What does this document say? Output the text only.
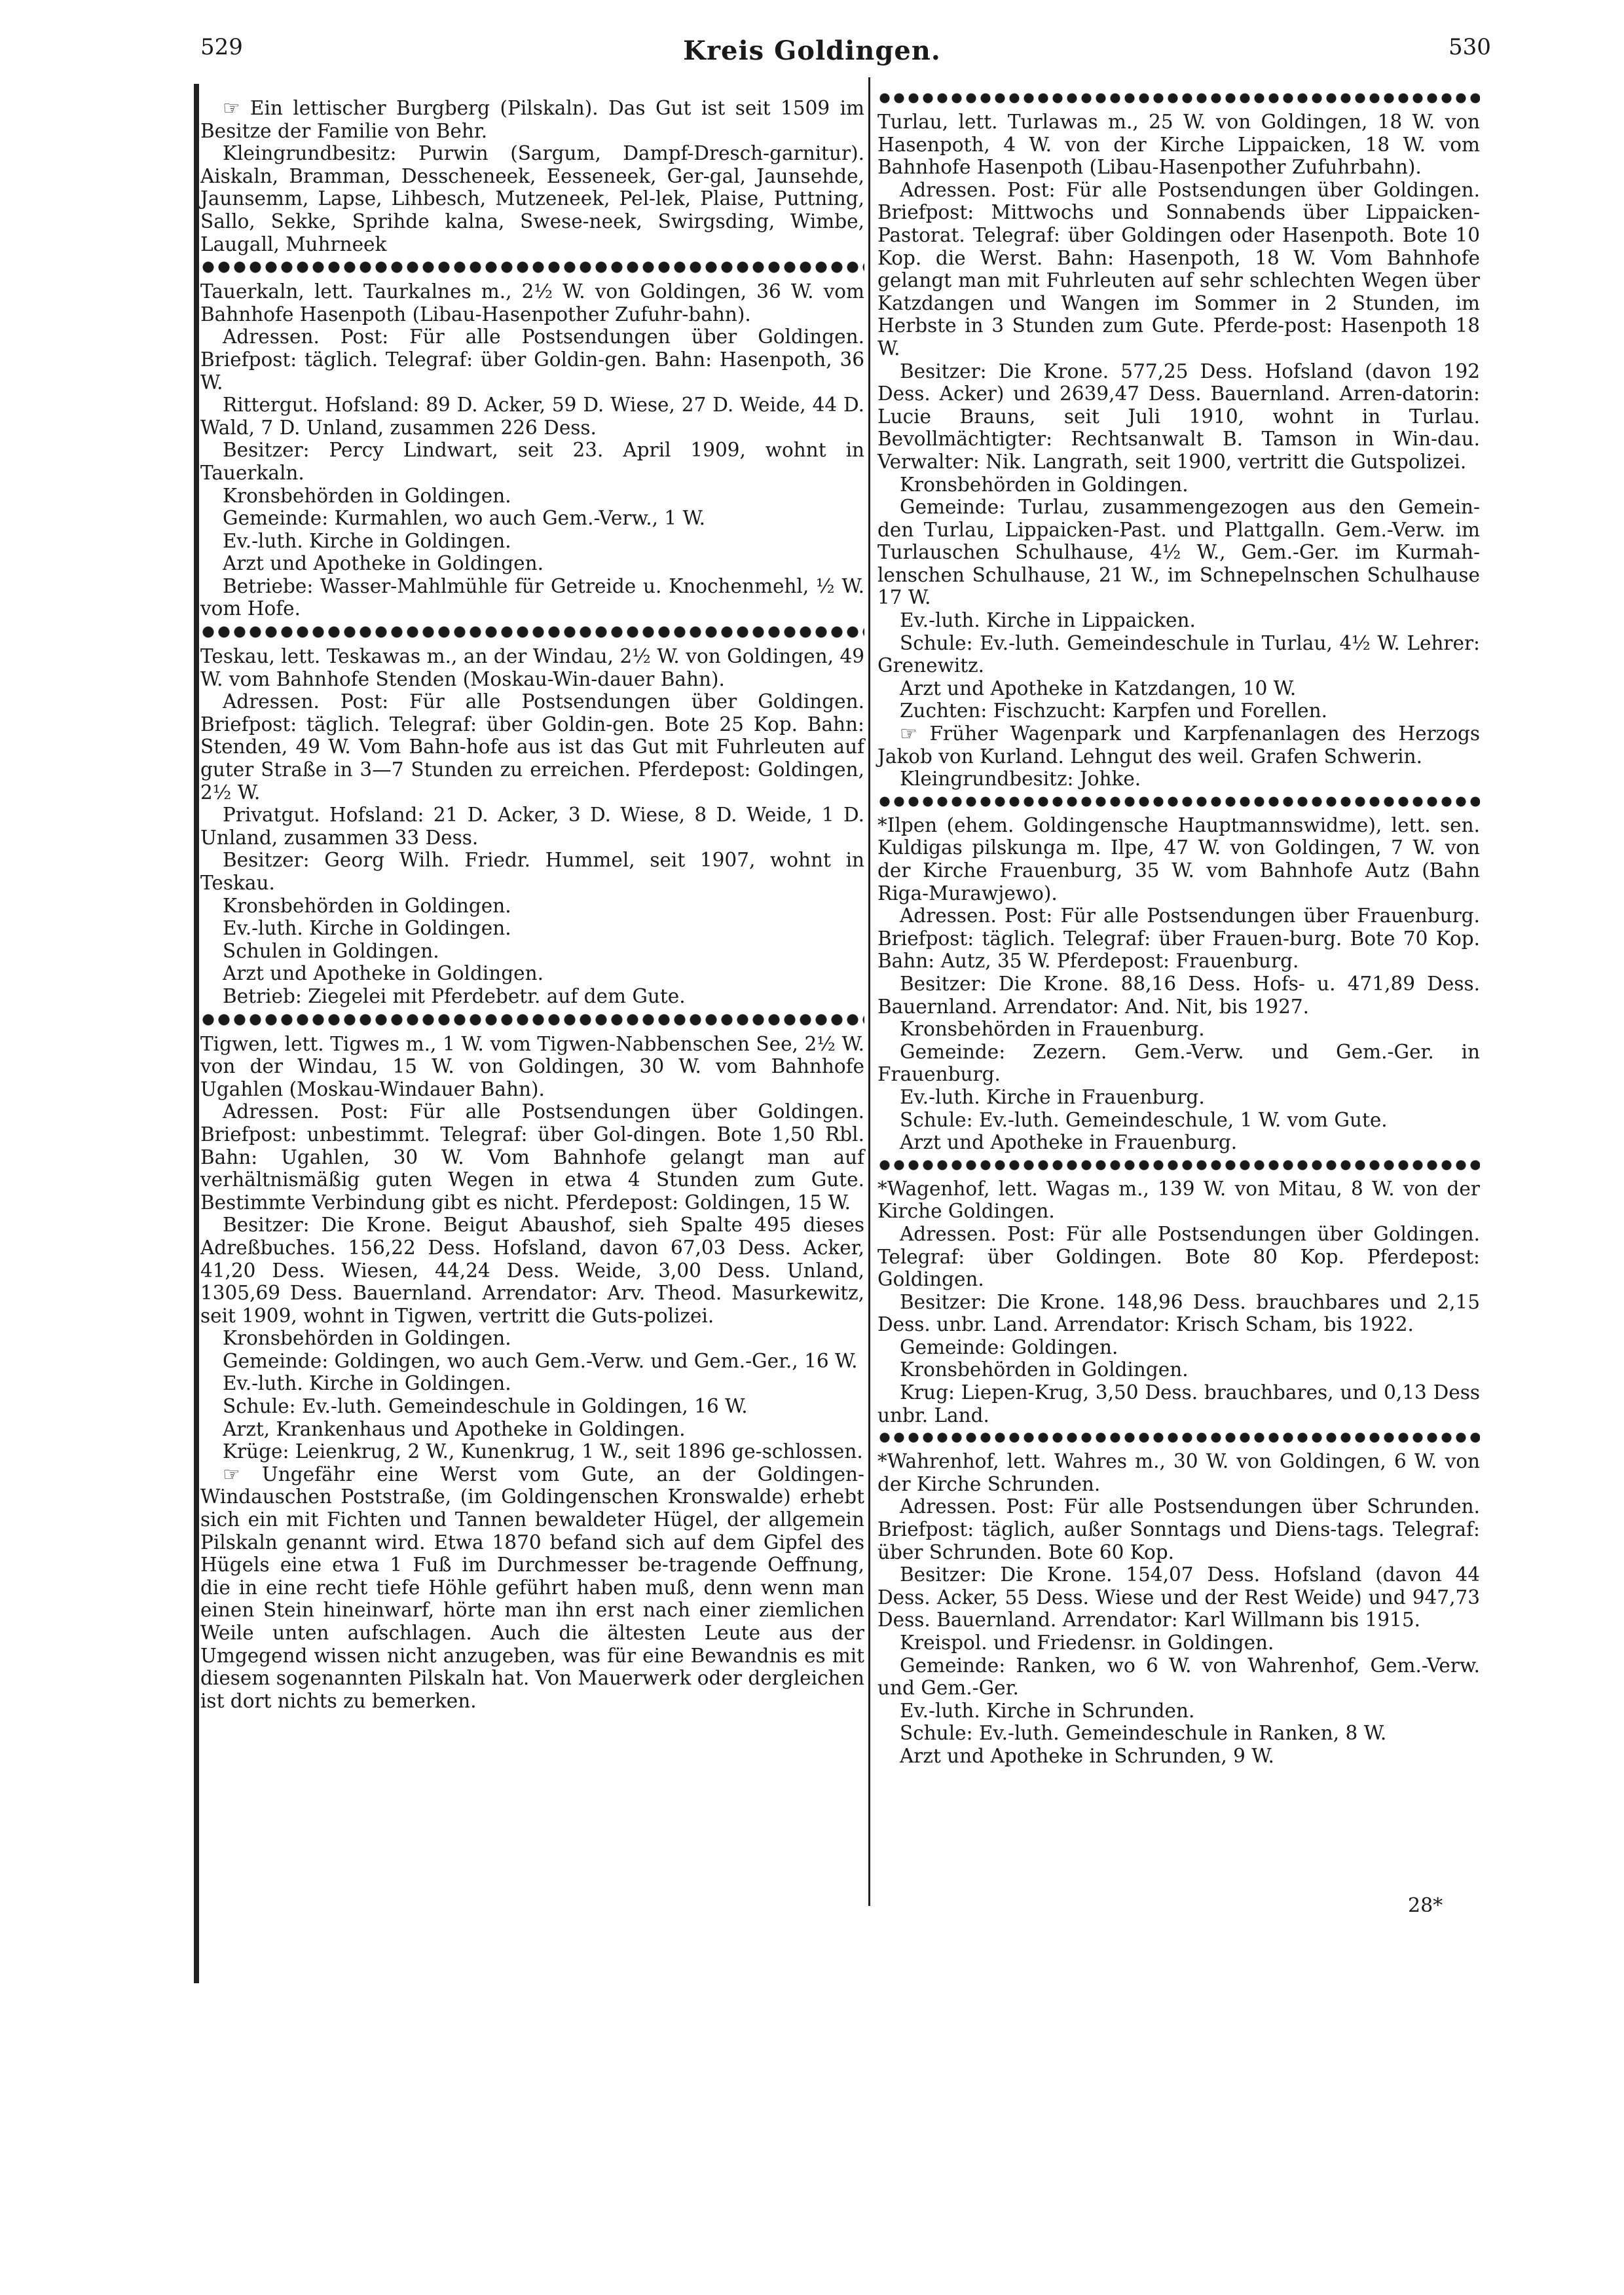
529	Kreis Goldingen.	530

☞ Ein lettischer Burgberg (Pilskaln). Das Gut ist seit 1509 im Besitze der Familie von Behr.

Kleingrundbesitz: Purwin (Sargum, Dampf-Dresch-garnitur). Aiskaln, Bramman, Desscheneek, Eesseneek, Ger-gal, Jaunsehde, Jaunsemm, Lapse, Lihbesch, Mutzeneek, Pel-lek, Plaise, Puttning, Sallo, Sekke, Sprihde kalna, Swese-neek, Swirgsding, Wimbe, Laugall, Muhrneek

Tauerkaln, lett. Taurkalnes m., 2½ W. von Goldingen, 36 W. vom Bahnhofe Hasenpoth (Libau-Hasenpother Zufuhr-bahn).

Adressen. Post: Für alle Postsendungen über Goldingen. Briefpost: täglich. Telegraf: über Goldin-gen. Bahn: Hasenpoth, 36 W.

Rittergut. Hofsland: 89 D. Acker, 59 D. Wiese, 27 D. Weide, 44 D. Wald, 7 D. Unland, zusammen 226 Dess.

Besitzer: Percy Lindwart, seit 23. April 1909, wohnt in Tauerkaln.

Kronsbehörden in Goldingen.

Gemeinde: Kurmahlen, wo auch Gem.-Verw., 1 W.

Ev.-luth. Kirche in Goldingen.

Arzt und Apotheke in Goldingen.

Betriebe: Wasser-Mahlmühle für Getreide u. Knochenmehl, ½ W. vom Hofe.

Teskau, lett. Teskawas m., an der Windau, 2½ W. von Goldingen, 49 W. vom Bahnhofe Stenden (Moskau-Win-dauer Bahn).

Adressen. Post: Für alle Postsendungen über Goldingen. Briefpost: täglich. Telegraf: über Goldin-gen. Bote 25 Kop. Bahn: Stenden, 49 W. Vom Bahn-hofe aus ist das Gut mit Fuhrleuten auf guter Straße in 3—7 Stunden zu erreichen. Pferdepost: Goldingen, 2½ W.

Privatgut. Hofsland: 21 D. Acker, 3 D. Wiese, 8 D. Weide, 1 D. Unland, zusammen 33 Dess.

Besitzer: Georg Wilh. Friedr. Hummel, seit 1907, wohnt in Teskau.

Kronsbehörden in Goldingen.

Ev.-luth. Kirche in Goldingen.

Schulen in Goldingen.

Arzt und Apotheke in Goldingen.

Betrieb: Ziegelei mit Pferdebetr. auf dem Gute.

Tigwen, lett. Tigwes m., 1 W. vom Tigwen-Nabbenschen See, 2½ W. von der Windau, 15 W. von Goldingen, 30 W. vom Bahnhofe Ugahlen (Moskau-Windauer Bahn).

Adressen. Post: Für alle Postsendungen über Goldingen. Briefpost: unbestimmt. Telegraf: über Gol-dingen. Bote 1,50 Rbl. Bahn: Ugahlen, 30 W. Vom Bahnhofe gelangt man auf verhältnismäßig guten Wegen in etwa 4 Stunden zum Gute. Bestimmte Verbindung gibt es nicht. Pferdepost: Goldingen, 15 W.

Besitzer: Die Krone. Beigut Abaushof, sieh Spalte 495 dieses Adreßbuches. 156,22 Dess. Hofsland, davon 67,03 Dess. Acker, 41,20 Dess. Wiesen, 44,24 Dess. Weide, 3,00 Dess. Unland, 1305,69 Dess. Bauernland. Arrendator: Arv. Theod. Masurkewitz, seit 1909, wohnt in Tigwen, vertritt die Guts-polizei.

Kronsbehörden in Goldingen.

Gemeinde: Goldingen, wo auch Gem.-Verw. und Gem.-Ger., 16 W.

Ev.-luth. Kirche in Goldingen.

Schule: Ev.-luth. Gemeindeschule in Goldingen, 16 W.

Arzt, Krankenhaus und Apotheke in Goldingen.

Krüge: Leienkrug, 2 W., Kunenkrug, 1 W., seit 1896 ge-schlossen.

☞ Ungefähr eine Werst vom Gute, an der Goldingen-Windauschen Poststraße, (im Goldingenschen Kronswalde) erhebt sich ein mit Fichten und Tannen bewaldeter Hügel, der allgemein Pilskaln genannt wird. Etwa 1870 befand sich auf dem Gipfel des Hügels eine etwa 1 Fuß im Durchmesser be-tragende Oeffnung, die in eine recht tiefe Höhle geführt haben muß, denn wenn man einen Stein hineinwarf, hörte man ihn erst nach einer ziemlichen Weile unten aufschlagen. Auch die ältesten Leute aus der Umgegend wissen nicht anzugeben, was für eine Bewandnis es mit diesem sogenannten Pilskaln hat. Von Mauerwerk oder dergleichen ist dort nichts zu bemerken.

Turlau, lett. Turlawas m., 25 W. von Goldingen, 18 W. von Hasenpoth, 4 W. von der Kirche Lippaicken, 18 W. vom Bahnhofe Hasenpoth (Libau-Hasenpother Zufuhrbahn).

Adressen. Post: Für alle Postsendungen über Goldingen. Briefpost: Mittwochs und Sonnabends über Lippaicken-Pastorat. Telegraf: über Goldingen oder Hasenpoth. Bote 10 Kop. die Werst. Bahn: Hasenpoth, 18 W. Vom Bahnhofe gelangt man mit Fuhrleuten auf sehr schlechten Wegen über Katzdangen und Wangen im Sommer in 2 Stunden, im Herbste in 3 Stunden zum Gute. Pferde-post: Hasenpoth 18 W.

Besitzer: Die Krone. 577,25 Dess. Hofsland (davon 192 Dess. Acker) und 2639,47 Dess. Bauernland. Arren-datorin: Lucie Brauns, seit Juli 1910, wohnt in Turlau. Bevollmächtigter: Rechtsanwalt B. Tamson in Win-dau. Verwalter: Nik. Langrath, seit 1900, vertritt die Gutspolizei.

Kronsbehörden in Goldingen.

Gemeinde: Turlau, zusammengezogen aus den Gemein-den Turlau, Lippaicken-Past. und Plattgalln. Gem.-Verw. im Turlauschen Schulhause, 4½ W., Gem.-Ger. im Kurmah-lenschen Schulhause, 21 W., im Schnepelnschen Schulhause 17 W.

Ev.-luth. Kirche in Lippaicken.

Schule: Ev.-luth. Gemeindeschule in Turlau, 4½ W. Lehrer: Grenewitz.

Arzt und Apotheke in Katzdangen, 10 W.

Zuchten: Fischzucht: Karpfen und Forellen.

☞ Früher Wagenpark und Karpfenanlagen des Herzogs Jakob von Kurland. Lehngut des weil. Grafen Schwerin.

Kleingrundbesitz: Johke.

*Ilpen (ehem. Goldingensche Hauptmannswidme), lett. sen. Kuldigas pilskunga m. Ilpe, 47 W. von Goldingen, 7 W. von der Kirche Frauenburg, 35 W. vom Bahnhofe Autz (Bahn Riga-Murawjewo).

Adressen. Post: Für alle Postsendungen über Frauenburg. Briefpost: täglich. Telegraf: über Frauen-burg. Bote 70 Kop. Bahn: Autz, 35 W. Pferdepost: Frauenburg.

Besitzer: Die Krone. 88,16 Dess. Hofs- u. 471,89 Dess. Bauernland. Arrendator: And. Nit, bis 1927.

Kronsbehörden in Frauenburg.

Gemeinde: Zezern. Gem.-Verw. und Gem.-Ger. in Frauenburg.

Ev.-luth. Kirche in Frauenburg.

Schule: Ev.-luth. Gemeindeschule, 1 W. vom Gute.

Arzt und Apotheke in Frauenburg.

*Wagenhof, lett. Wagas m., 139 W. von Mitau, 8 W. von der Kirche Goldingen.

Adressen. Post: Für alle Postsendungen über Goldingen. Telegraf: über Goldingen. Bote 80 Kop. Pferdepost: Goldingen.

Besitzer: Die Krone. 148,96 Dess. brauchbares und 2,15 Dess. unbr. Land. Arrendator: Krisch Scham, bis 1922.

Gemeinde: Goldingen.

Kronsbehörden in Goldingen.

Krug: Liepen-Krug, 3,50 Dess. brauchbares, und 0,13 Dess unbr. Land.

*Wahrenhof, lett. Wahres m., 30 W. von Goldingen, 6 W. von der Kirche Schrunden.

Adressen. Post: Für alle Postsendungen über Schrunden. Briefpost: täglich, außer Sonntags und Diens-tags. Telegraf: über Schrunden. Bote 60 Kop.

Besitzer: Die Krone. 154,07 Dess. Hofsland (davon 44 Dess. Acker, 55 Dess. Wiese und der Rest Weide) und 947,73 Dess. Bauernland. Arrendator: Karl Willmann bis 1915.

Kreispol. und Friedensr. in Goldingen.

Gemeinde: Ranken, wo 6 W. von Wahrenhof, Gem.-Verw. und Gem.-Ger.

Ev.-luth. Kirche in Schrunden.

Schule: Ev.-luth. Gemeindeschule in Ranken, 8 W.

Arzt und Apotheke in Schrunden, 9 W.

28*
